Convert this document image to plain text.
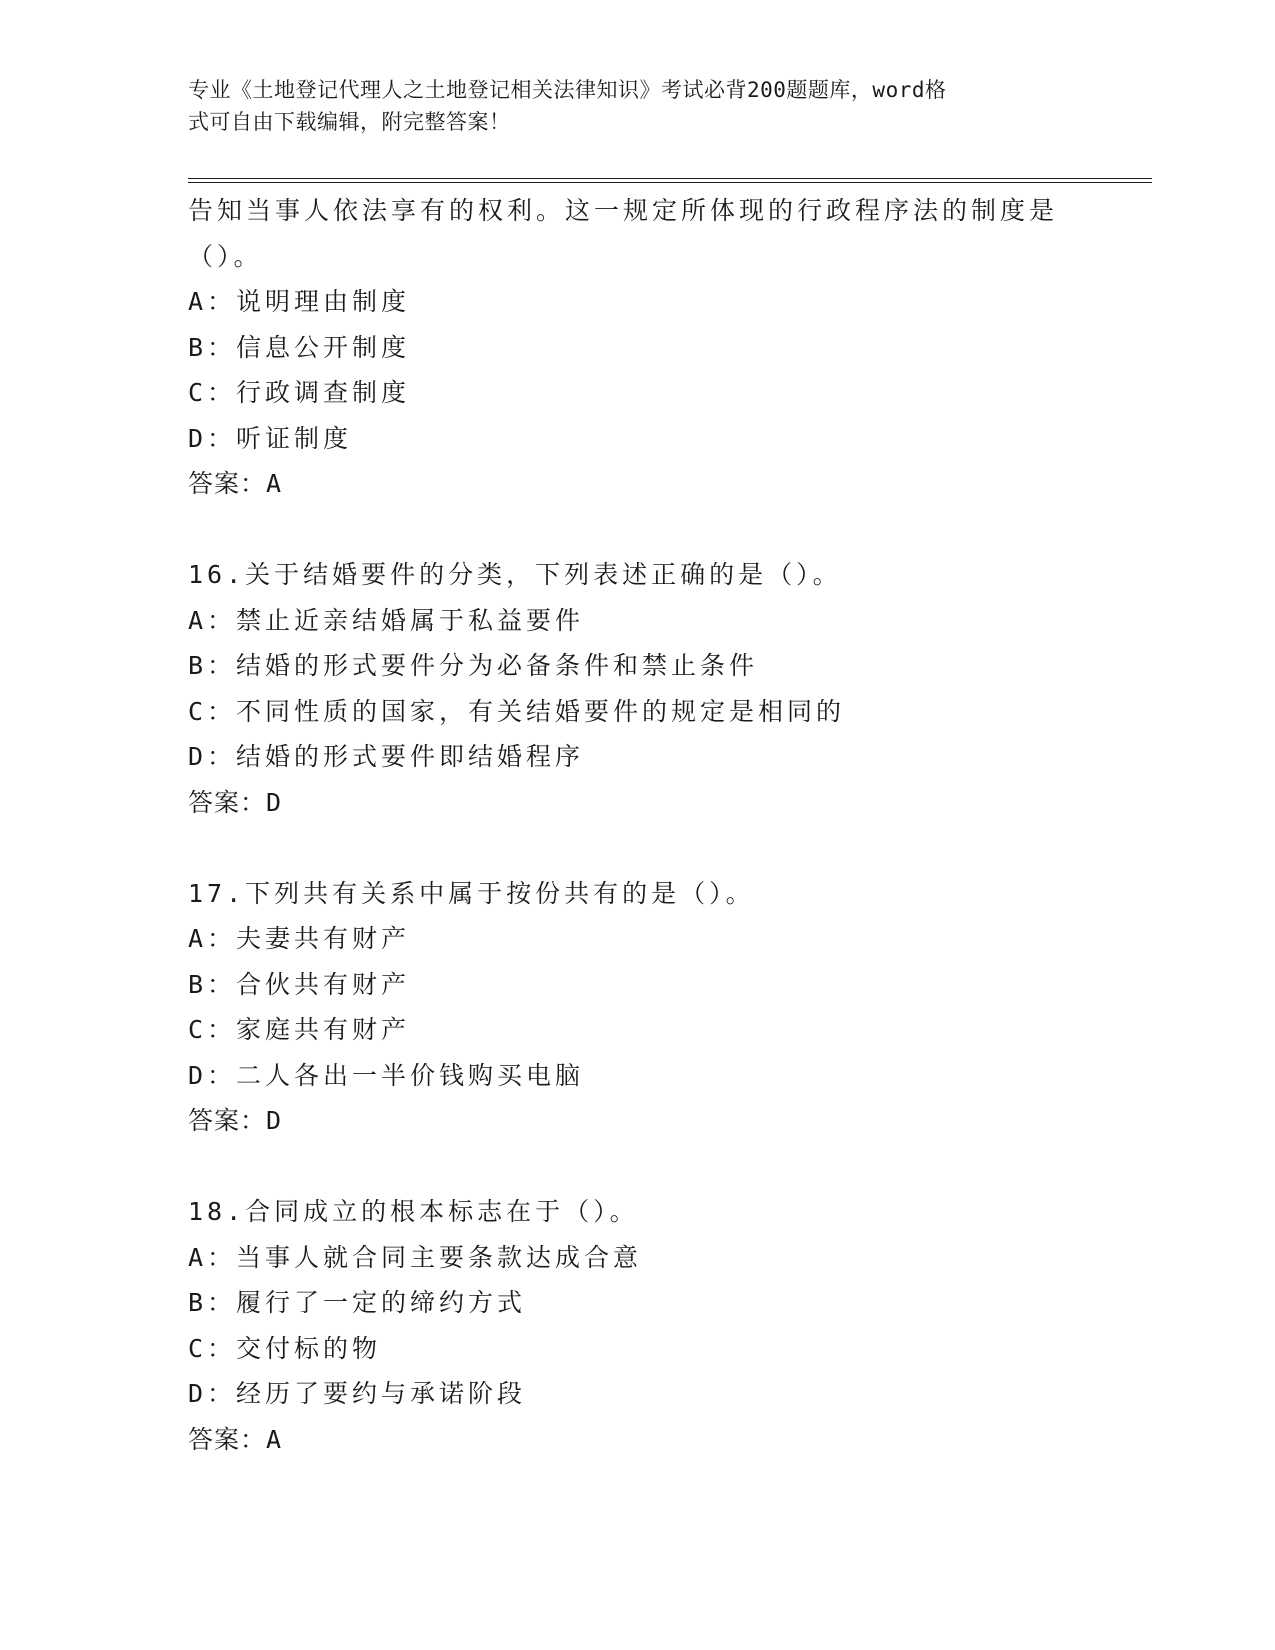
专业《土地登记代理人之土地登记相关法律知识》考试必背200题题库，word格
式可自由下载编辑，附完整答案！
告知当事人依法享有的权利。这一规定所体现的行政程序法的制度是
（）。
A：说明理由制度
B：信息公开制度
C：行政调查制度
D：听证制度
答案：A
16.关于结婚要件的分类，下列表述正确的是（）。
A：禁止近亲结婚属于私益要件
B：结婚的形式要件分为必备条件和禁止条件
C：不同性质的国家，有关结婚要件的规定是相同的
D：结婚的形式要件即结婚程序
答案：D
17.下列共有关系中属于按份共有的是（）。
A：夫妻共有财产
B：合伙共有财产
C：家庭共有财产
D：二人各出一半价钱购买电脑
答案：D
18.合同成立的根本标志在于（）。
A：当事人就合同主要条款达成合意
B：履行了一定的缔约方式
C：交付标的物
D：经历了要约与承诺阶段
答案：A
